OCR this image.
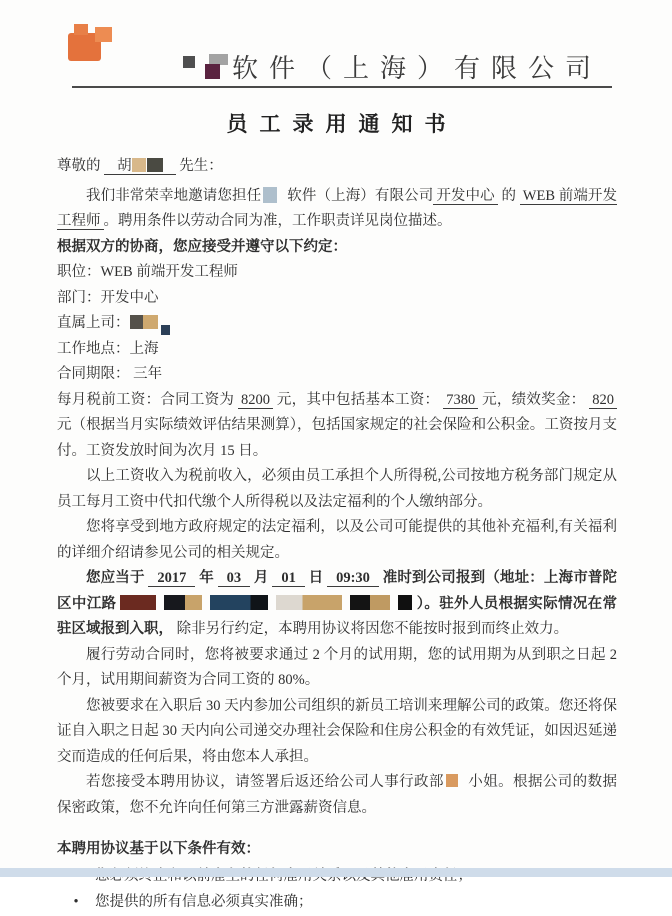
软件（上海）有限公司
员工录用通知书

尊敬的 胡	先生：

我们非常荣幸地邀请您担任 软件（上海）有限公司 开发中心 的 WEB 前端开发工程师 。聘用条件以劳动合同为准，工作职责详见岗位描述。

根据双方的协商，您应接受并遵守以下约定：

职位：WEB 前端开发工程师

部门：开发中心

直属上司：

工作地点：上海

合同期限： 三年

每月税前工资：合同工资为 8200 元，其中包括基本工资： 7380 元，绩效奖金： 820 元（根据当月实际绩效评估结果测算），包括国家规定的社会保险和公积金。工资按月支付。工资发放时间为次月 15 日。

以上工资收入为税前收入，必须由员工承担个人所得税,公司按地方税务部门规定从员工每月工资中代扣代缴个人所得税以及法定福利的个人缴纳部分。

您将享受到地方政府规定的法定福利，以及公司可能提供的其他补充福利,有关福利的详细介绍请参见公司的相关规定。

您应当于 2017 年 03 月 01 日 09:30 准时到公司报到（地址：上海市普陀区中江路	）。驻外人员根据实际情况在常驻区域报到入职， 除非另行约定，本聘用协议将因您不能按时报到而终止效力。

履行劳动合同时，您将被要求通过 2 个月的试用期，您的试用期为从到职之日起 2 个月，试用期间薪资为合同工资的 80%。

您被要求在入职后 30 天内参加公司组织的新员工培训来理解公司的政策。您还将保证自入职之日起 30 天内向公司递交办理社会保险和住房公积金的有效凭证，如因迟延递交而造成的任何后果，将由您本人承担。

若您接受本聘用协议，请签署后返还给公司人事行政部 小姐。根据公司的数据保密政策，您不允许向任何第三方泄露薪资信息。

本聘用协议基于以下条件有效：

•	您提供的所有信息必须真实准确；
